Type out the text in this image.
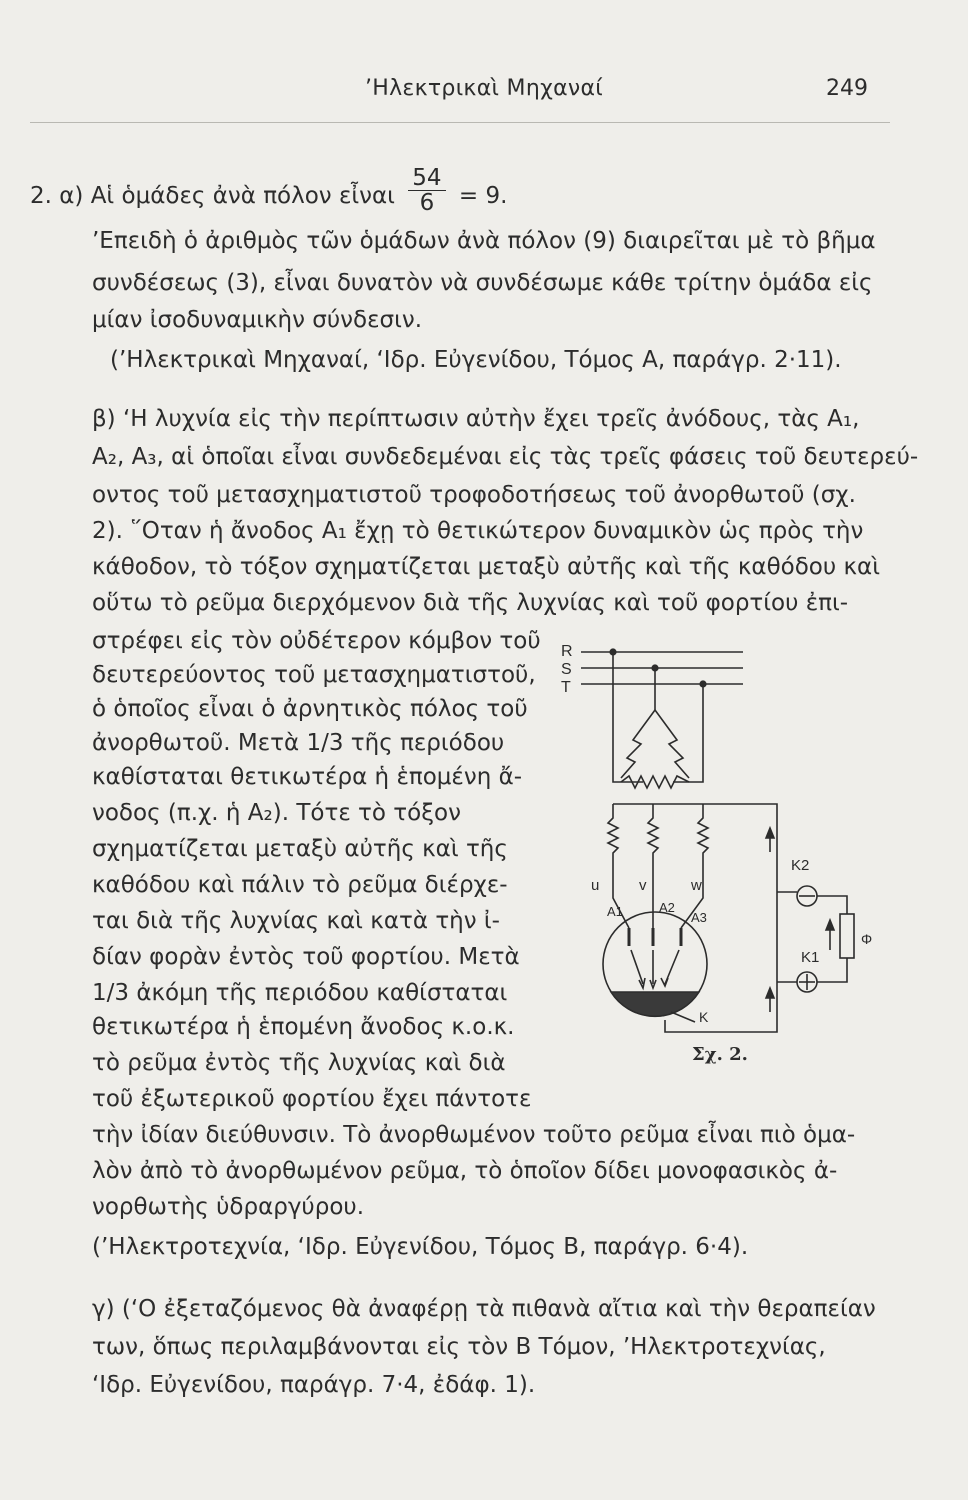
’Ηλεκτρικαὶ Μηχαναί	249
2. α) Αἱ ὁμάδες ἀνὰ πόλον εἶναι $\frac{54}{6} = 9$.
’Επειδὴ ὁ ἀριθμὸς τῶν ὁμάδων ἀνὰ πόλον (9) διαιρεῖται μὲ τὸ βῆμα
συνδέσεως (3), εἶναι δυνατὸν νὰ συνδέσωμε κάθε τρίτην ὁμάδα εἰς
μίαν ἰσοδυναμικὴν σύνδεσιν.
(’Ηλεκτρικαὶ Μηχαναί, ‘Ιδρ. Εὐγενίδου, Τόμος Α, παράγρ. 2·11).
β) ‘Η λυχνία εἰς τὴν περίπτωσιν αὐτὴν ἔχει τρεῖς ἀνόδους, τὰς A₁,
A₂, A₃, αἱ ὁποῖαι εἶναι συνδεδεμέναι εἰς τὰς τρεῖς φάσεις τοῦ δευτερεύ-
οντος τοῦ μετασχηματιστοῦ τροφοδοτήσεως τοῦ ἀνορθωτοῦ (σχ.
2). ῞Οταν ἡ ἄνοδος A₁ ἔχῃ τὸ θετικώτερον δυναμικὸν ὡς πρὸς τὴν
κάθοδον, τὸ τόξον σχηματίζεται μεταξὺ αὐτῆς καὶ τῆς καθόδου καὶ
οὕτω τὸ ρεῦμα διερχόμενον διὰ τῆς λυχνίας καὶ τοῦ φορτίου ἐπι-
στρέφει εἰς τὸν οὐδέτερον κόμβον τοῦ
δευτερεύοντος τοῦ μετασχηματιστοῦ,
ὁ ὁποῖος εἶναι ὁ ἀρνητικὸς πόλος τοῦ
ἀνορθωτοῦ. Μετὰ 1/3 τῆς περιόδου
καθίσταται θετικωτέρα ἡ ἑπομένη ἄ-
νοδος (π.χ. ἡ A₂). Τότε τὸ τόξον
σχηματίζεται μεταξὺ αὐτῆς καὶ τῆς
καθόδου καὶ πάλιν τὸ ρεῦμα διέρχε-
ται διὰ τῆς λυχνίας καὶ κατὰ τὴν ἰ-
δίαν φορὰν ἐντὸς τοῦ φορτίου. Μετὰ
1/3 ἀκόμη τῆς περιόδου καθίσταται
θετικωτέρα ἡ ἑπομένη ἄνοδος κ.ο.κ.
τὸ ρεῦμα ἐντὸς τῆς λυχνίας καὶ διὰ
τοῦ ἐξωτερικοῦ φορτίου ἔχει πάντοτε
τὴν ἰδίαν διεύθυνσιν. Τὸ ἀνορθωμένον τοῦτο ρεῦμα εἶναι πιὸ ὁμα-
λὸν ἀπὸ τὸ ἀνορθωμένον ρεῦμα, τὸ ὁποῖον δίδει μονοφασικὸς ἀ-
νορθωτὴς ὑδραργύρου.
(’Ηλεκτροτεχνία, ‘Ιδρ. Εὐγενίδου, Τόμος Β, παράγρ. 6·4).
γ) (‘Ο ἐξεταζόμενος θὰ ἀναφέρῃ τὰ πιθανὰ αἴτια καὶ τὴν θεραπείαν
των, ὅπως περιλαμβάνονται εἰς τὸν Β Τόμον, ’Ηλεκτροτεχνίας,
‘Ιδρ. Εὐγενίδου, παράγρ. 7·4, ἐδάφ. 1).
R
S
T
u	v	w
A1	A2
A3
K
K2
Φ
K1
Σχ. 2.
